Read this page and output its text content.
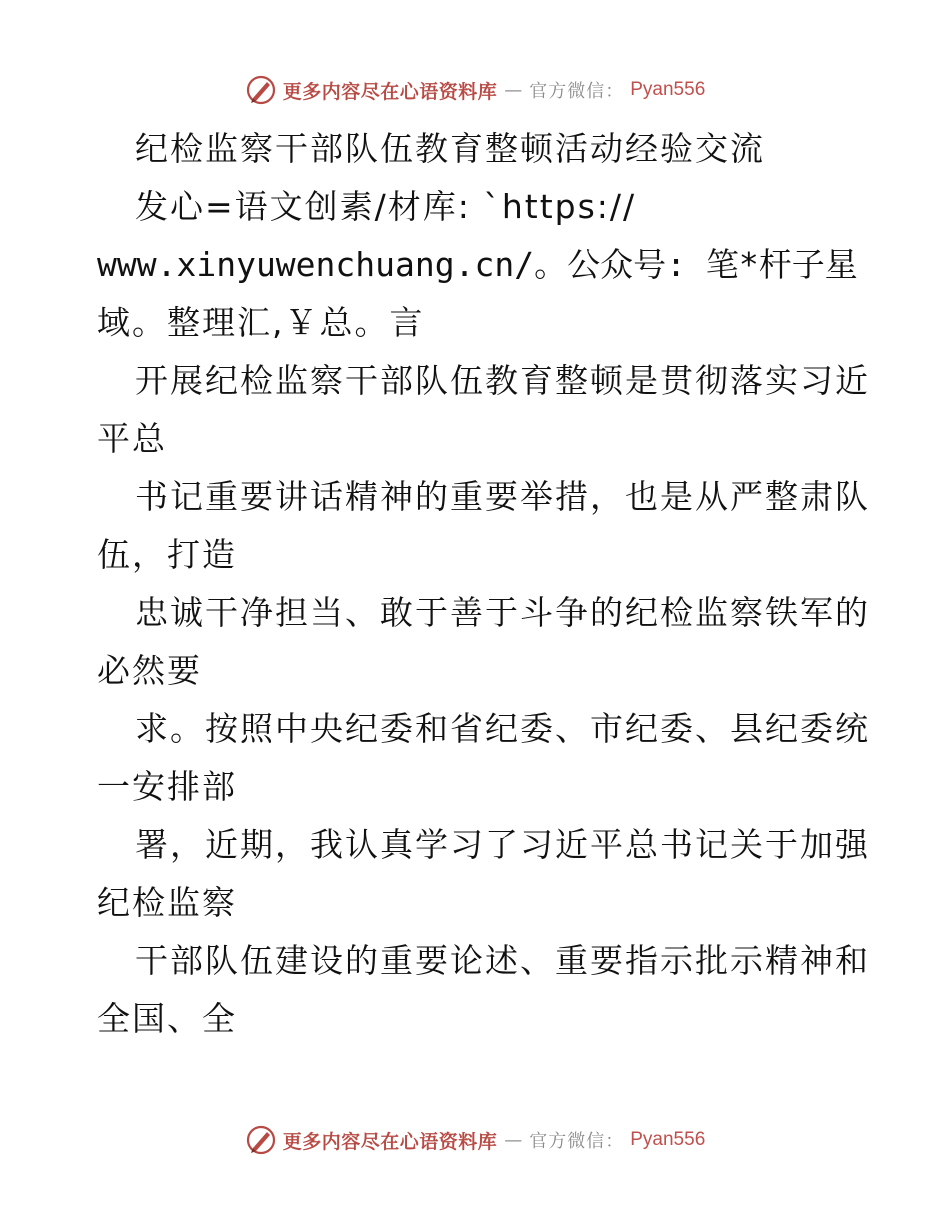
更多内容尽在心语资料库 — 官方微信： Pyan556
纪检监察干部队伍教育整顿活动经验交流
发心=语文创素/材库: `https://
www.xinyuwenchuang.cn/。公众号: 笔*杆子星
域。整理汇,￥总。言
开展纪检监察干部队伍教育整顿是贯彻落实习近
平总
书记重要讲话精神的重要举措，也是从严整肃队
伍，打造
忠诚干净担当、敢于善于斗争的纪检监察铁军的
必然要
求。按照中央纪委和省纪委、市纪委、县纪委统
一安排部
署，近期，我认真学习了习近平总书记关于加强
纪检监察
干部队伍建设的重要论述、重要指示批示精神和
全国、全
更多内容尽在心语资料库 — 官方微信： Pyan556
